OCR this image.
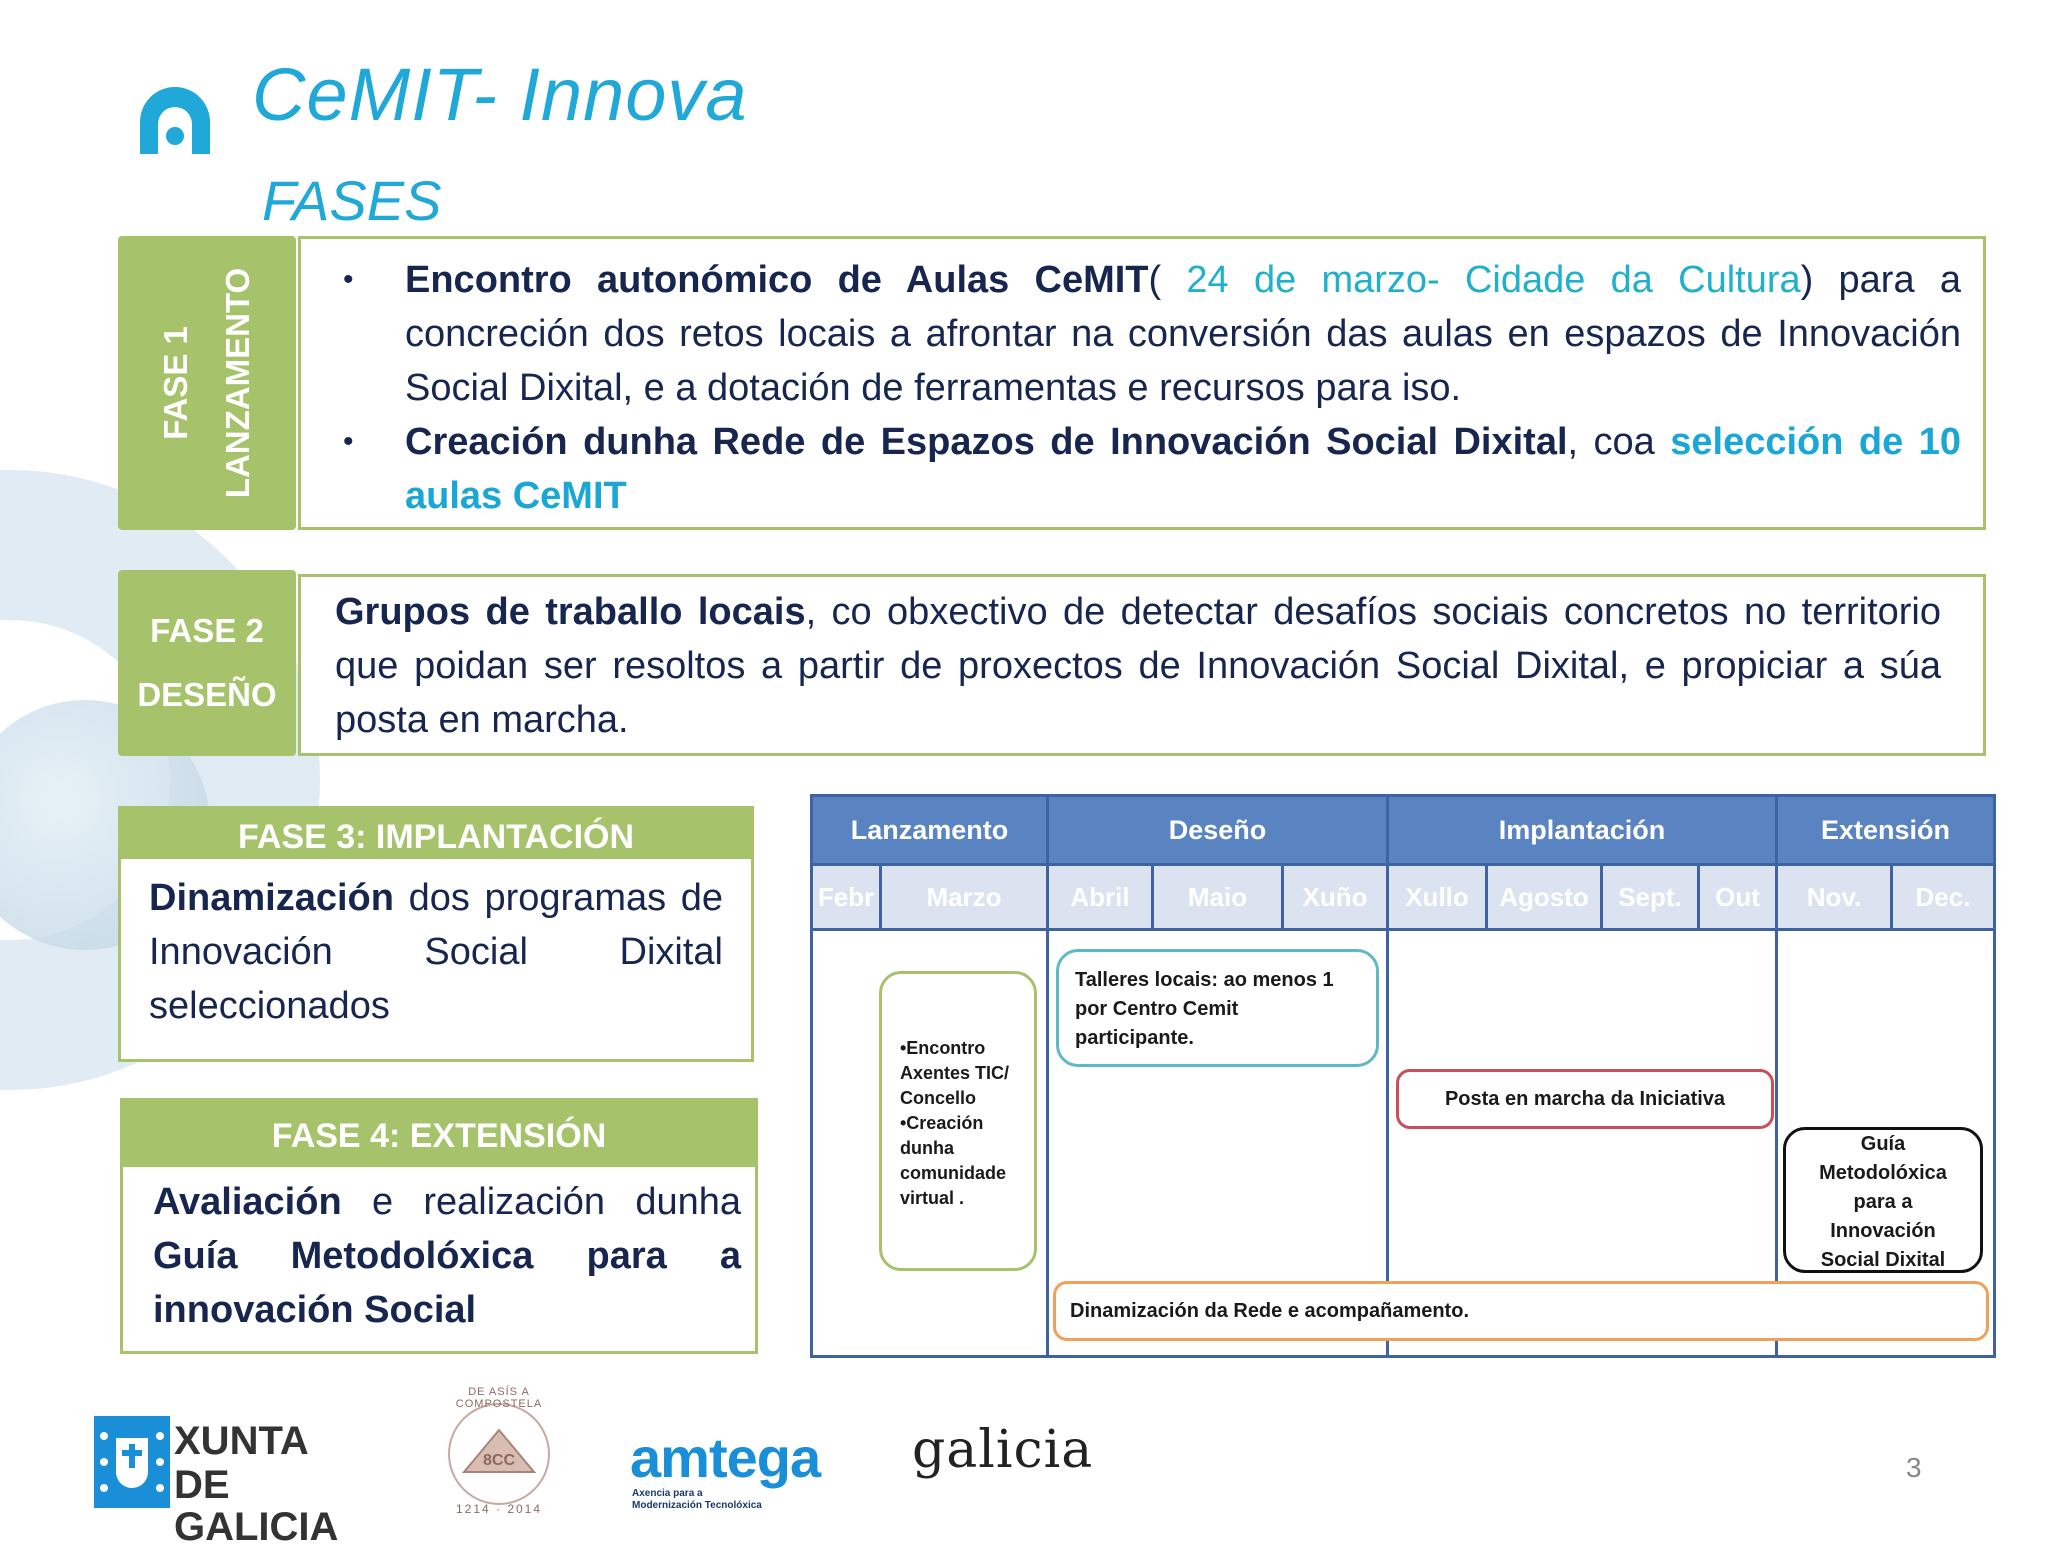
CeMIT- Innova
FASES
FASE 1 LANZAMENTO	• Encontro autonómico de Aulas CeMIT( 24 de marzo- Cidade da Cultura) para a concreción dos retos locais a afrontar na conversión das aulas en espazos de Innovación Social Dixital, e a dotación de ferramentas e recursos para iso.
• Creación dunha Rede de Espazos de Innovación Social Dixital, coa selección de 10 aulas CeMIT
FASE 2
DESEÑO
Grupos de traballo locais, co obxectivo de detectar desafíos sociais concretos no territorio que poidan ser resoltos a partir de proxectos de Innovación Social Dixital, e propiciar a súa posta en marcha.
FASE 3: IMPLANTACIÓN
Dinamización dos programas de Innovación Social Dixital seleccionados
FASE 4: EXTENSIÓN
Avaliación e realización dunha Guía Metodolóxica para a innovación Social
Lanzamento	Deseño	Implantación	Extensión
Febr	Marzo	Abril	Maio	Xuño	Xullo	Agosto	Sept.	Out	Nov.	Dec.
•Encontro
Axentes TIC/
Concello
•Creación
dunha
comunidade
virtual .
Talleres locais: ao menos 1 por Centro Cemit participante.
Posta en marcha da Iniciativa
Guía
Metodolóxica
para a
Innovación
Social Dixital
Dinamización da Rede e acompañamento.
XUNTA
DE GALICIA
DE ASÍS A COMPOSTELA
8CC
1214 · 2014
amtega
Axencia para a
Modernización Tecnolóxica
galicia	3
